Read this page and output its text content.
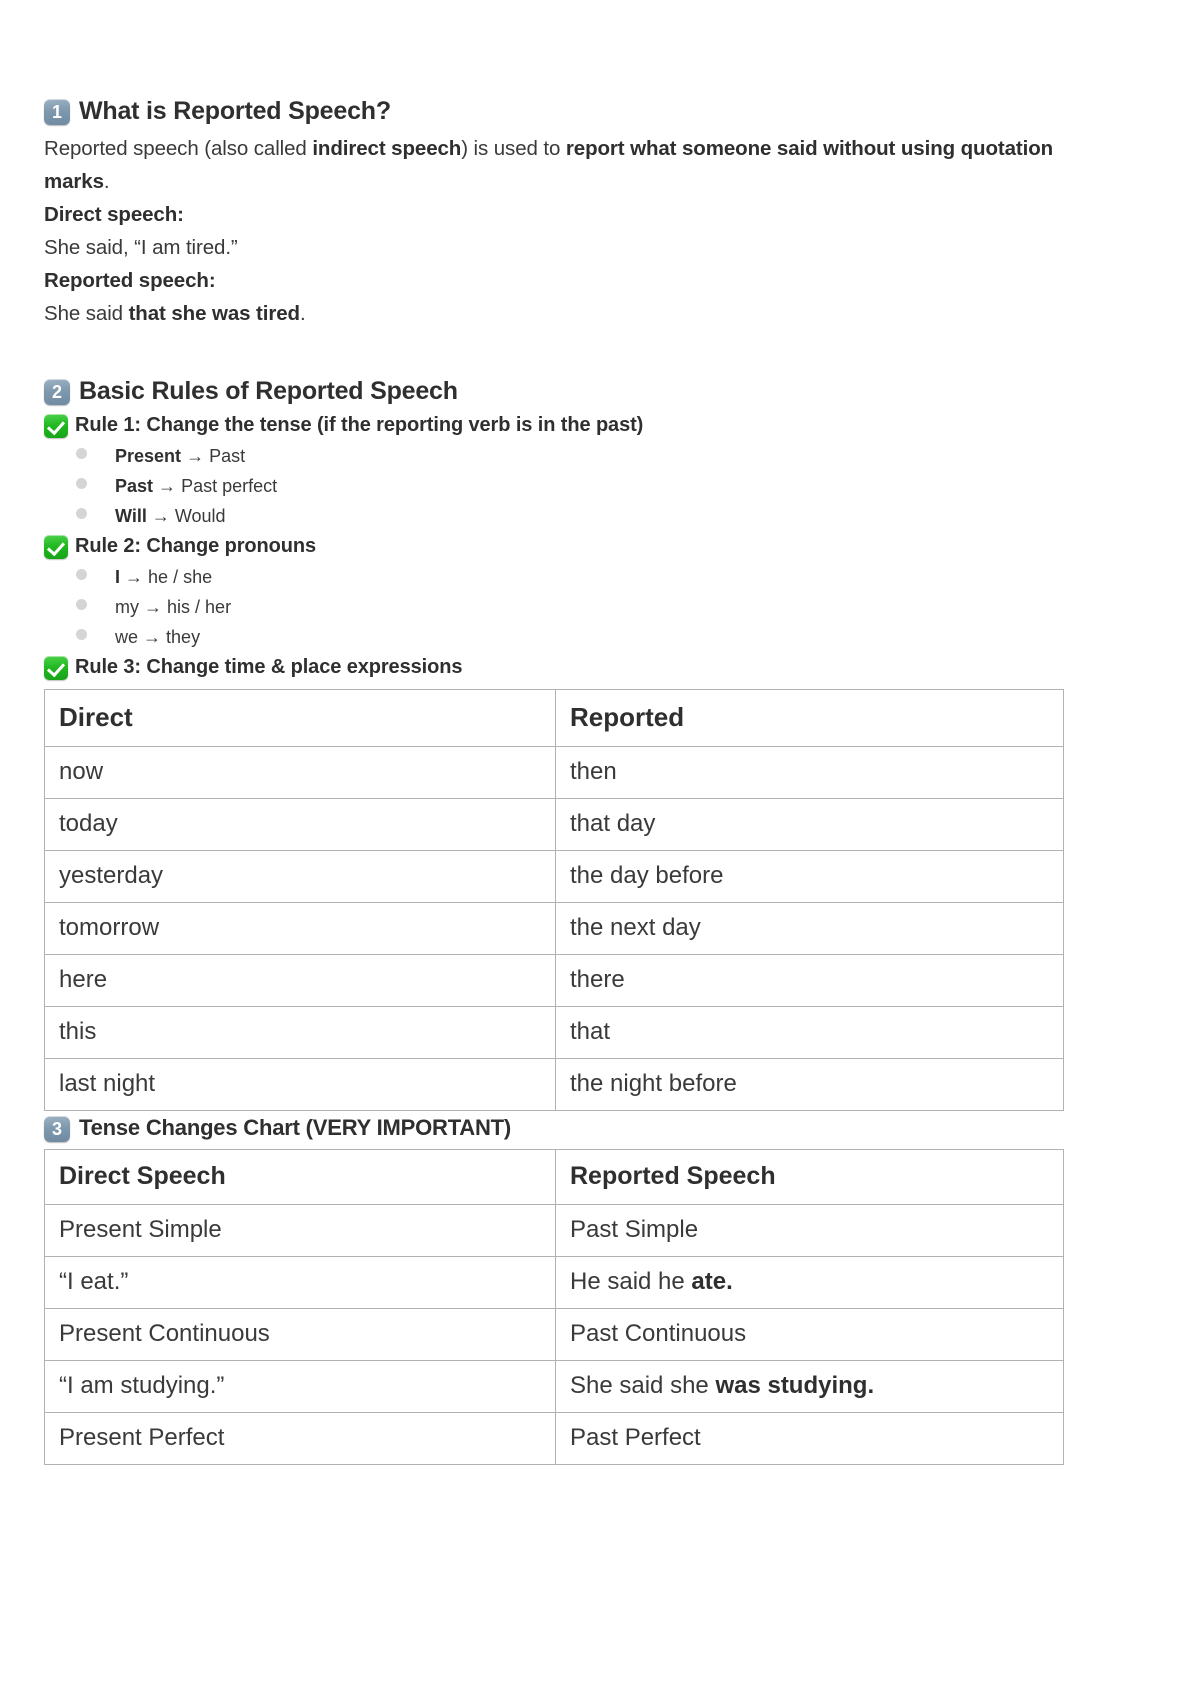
1 What is Reported Speech?

Reported speech (also called indirect speech) is used to report what someone said without using quotation marks.

Direct speech:

She said, “I am tired.”

Reported speech:

She said that she was tired.

2 Basic Rules of Reported Speech
Rule 1: Change the tense (if the reporting verb is in the past)
Present → Past
Past → Past perfect
Will → Would
Rule 2: Change pronouns
I → he / she
my → his / her
we → they
Rule 3: Change time & place expressions
Direct	Reported
now	then
today	that day
yesterday	the day before
tomorrow	the next day
here	there
this	that
last night	the night before
3 Tense Changes Chart (VERY IMPORTANT)
Direct Speech	Reported Speech
Present Simple	Past Simple
“I eat.”	He said he ate.
Present Continuous	Past Continuous
“I am studying.”	She said she was studying.
Present Perfect	Past Perfect
